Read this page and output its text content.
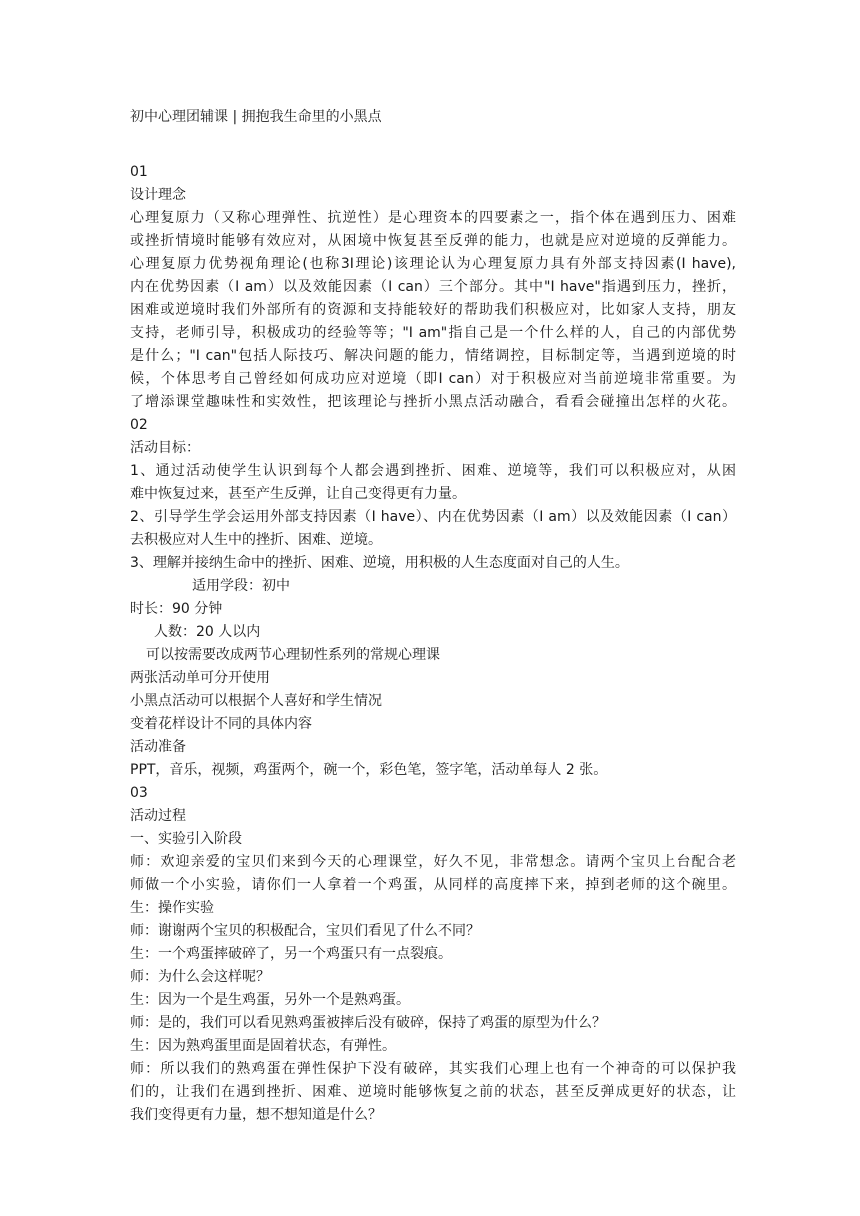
初中心理团辅课 | 拥抱我生命里的小黑点
01
设计理念
心理复原力（又称心理弹性、抗逆性）是心理资本的四要素之一，指个体在遇到压力、困难
或挫折情境时能够有效应对，从困境中恢复甚至反弹的能力，也就是应对逆境的反弹能力。
心理复原力优势视角理论(也称3I理论)该理论认为心理复原力具有外部支持因素(I have),
内在优势因素（I am）以及效能因素（I can）三个部分。其中"I have"指遇到压力，挫折，
困难或逆境时我们外部所有的资源和支持能较好的帮助我们积极应对，比如家人支持，朋友
支持，老师引导，积极成功的经验等等；"I am"指自己是一个什么样的人，自己的内部优势
是什么；"I can"包括人际技巧、解决问题的能力，情绪调控，目标制定等，当遇到逆境的时
候，个体思考自己曾经如何成功应对逆境（即I can）对于积极应对当前逆境非常重要。为
了增添课堂趣味性和实效性，把该理论与挫折小黑点活动融合，看看会碰撞出怎样的火花。
02
活动目标：
1、通过活动使学生认识到每个人都会遇到挫折、困难、逆境等，我们可以积极应对，从困
难中恢复过来，甚至产生反弹，让自己变得更有力量。
2、引导学生学会运用外部支持因素（I have）、内在优势因素（I am）以及效能因素（I can）
去积极应对人生中的挫折、困难、逆境。
3、理解并接纳生命中的挫折、困难、逆境，用积极的人生态度面对自己的人生。
适用学段：初中
时长：90 分钟
人数：20 人以内
可以按需要改成两节心理韧性系列的常规心理课
两张活动单可分开使用
小黑点活动可以根据个人喜好和学生情况
变着花样设计不同的具体内容
活动准备
PPT，音乐，视频，鸡蛋两个，碗一个，彩色笔，签字笔，活动单每人 2 张。
03
活动过程
一、实验引入阶段
师：欢迎亲爱的宝贝们来到今天的心理课堂，好久不见，非常想念。请两个宝贝上台配合老
师做一个小实验，请你们一人拿着一个鸡蛋，从同样的高度摔下来，掉到老师的这个碗里。
生：操作实验
师：谢谢两个宝贝的积极配合，宝贝们看见了什么不同？
生：一个鸡蛋摔破碎了，另一个鸡蛋只有一点裂痕。
师：为什么会这样呢？
生：因为一个是生鸡蛋，另外一个是熟鸡蛋。
师：是的，我们可以看见熟鸡蛋被摔后没有破碎，保持了鸡蛋的原型为什么？
生：因为熟鸡蛋里面是固着状态，有弹性。
师：所以我们的熟鸡蛋在弹性保护下没有破碎，其实我们心理上也有一个神奇的可以保护我
们的，让我们在遇到挫折、困难、逆境时能够恢复之前的状态，甚至反弹成更好的状态，让
我们变得更有力量，想不想知道是什么？
